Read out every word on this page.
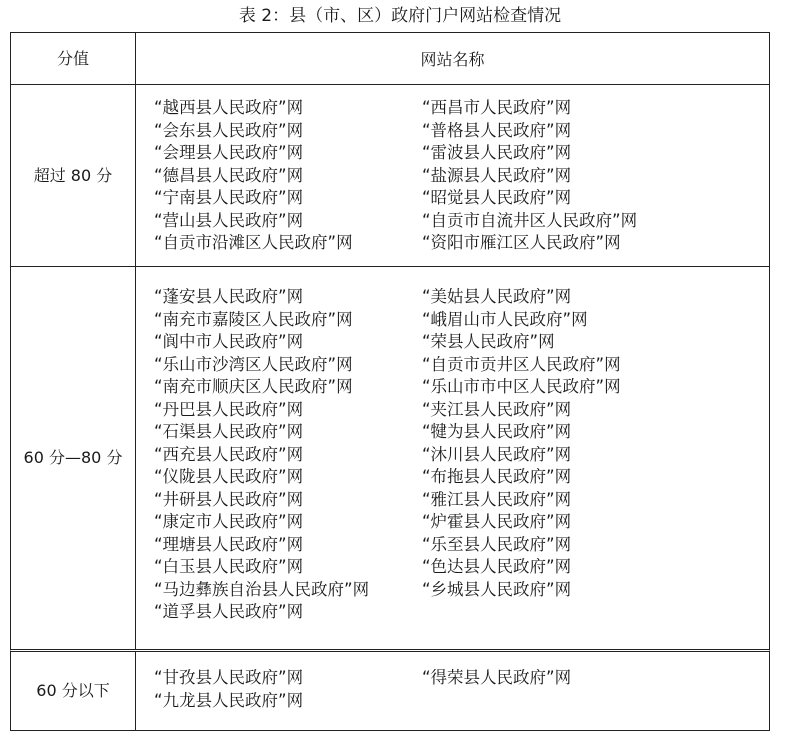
表 2：县（市、区）政府门户网站检查情况
分值	网站名称
超过 80 分
“越西县人民政府”网	“西昌市人民政府”网
“会东县人民政府”网	“普格县人民政府”网
“会理县人民政府”网	“雷波县人民政府”网
“德昌县人民政府”网	“盐源县人民政府”网
“宁南县人民政府”网	“昭觉县人民政府”网
“营山县人民政府”网	“自贡市自流井区人民政府”网
“自贡市沿滩区人民政府”网	“资阳市雁江区人民政府”网
60 分—80 分
“蓬安县人民政府”网	“美姑县人民政府”网
“南充市嘉陵区人民政府”网	“峨眉山市人民政府”网
“阆中市人民政府”网	“荣县人民政府”网
“乐山市沙湾区人民政府”网	“自贡市贡井区人民政府”网
“南充市顺庆区人民政府”网	“乐山市市中区人民政府”网
“丹巴县人民政府”网	“夹江县人民政府”网
“石渠县人民政府”网	“犍为县人民政府”网
“西充县人民政府”网	“沐川县人民政府”网
“仪陇县人民政府”网	“布拖县人民政府”网
“井研县人民政府”网	“雅江县人民政府”网
“康定市人民政府”网	“炉霍县人民政府”网
“理塘县人民政府”网	“乐至县人民政府”网
“白玉县人民政府”网	“色达县人民政府”网
“马边彝族自治县人民政府”网	“乡城县人民政府”网
“道孚县人民政府”网
60 分以下
“甘孜县人民政府”网	“得荣县人民政府”网
“九龙县人民政府”网
